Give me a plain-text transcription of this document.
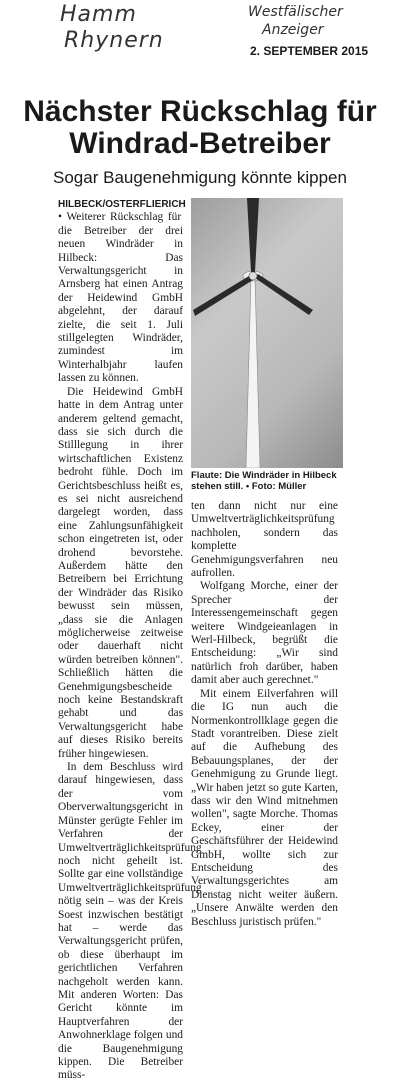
Hamm
Rhynern
Westfälischer
Anzeiger
2. SEPTEMBER 2015
Nächster Rückschlag für Windrad-Betreiber
Sogar Baugenehmigung könnte kippen

HILBECK/OSTERFLIERICH • Weiterer Rückschlag für die Betreiber der drei neuen Windräder in Hilbeck: Das Verwaltungsgericht in Arnsberg hat einen Antrag der Heidewind GmbH abgelehnt, der darauf zielte, die seit 1. Juli stillgelegten Windräder, zumindest im Winterhalbjahr laufen lassen zu können.

Die Heidewind GmbH hatte in dem Antrag unter anderem geltend gemacht, dass sie sich durch die Stilllegung in ihrer wirtschaftlichen Existenz bedroht fühle. Doch im Gerichtsbeschluss heißt es, es sei nicht ausreichend dargelegt worden, dass eine Zahlungsunfähigkeit schon eingetreten ist, oder drohend bevorstehe. Außerdem hätte den Betreibern bei Errichtung der Windräder das Risiko bewusst sein müssen, „dass sie die Anlagen möglicherweise zeitweise oder dauerhaft nicht würden betreiben können". Schließlich hätten die Genehmigungsbescheide noch keine Bestandskraft gehabt und das Verwaltungsgericht habe auf dieses Risiko bereits früher hingewiesen.

In dem Beschluss wird darauf hingewiesen, dass der vom Oberverwaltungsgericht in Münster gerügte Fehler im Verfahren der Umweltverträglichkeitsprüfung noch nicht geheilt ist. Sollte gar eine vollständige Umweltverträglichkeitsprüfung nötig sein – was der Kreis Soest inzwischen bestätigt hat – werde das Verwaltungsgericht prüfen, ob diese überhaupt im gerichtlichen Verfahren nachgeholt werden kann. Mit anderen Worten: Das Gericht könnte im Hauptverfahren der Anwohnerklage folgen und die Baugenehmigung kippen. Die Betreiber müss-

Flaute: Die Windräder in Hilbeck stehen still. • Foto: Müller

ten dann nicht nur eine Umweltverträglichkeitsprüfung nachholen, sondern das komplette Genehmigungsverfahren neu aufrollen.

Wolfgang Morche, einer der Sprecher der Interessengemeinschaft gegen weitere Windgeieanlagen in Werl-Hilbeck, begrüßt die Entscheidung: „Wir sind natürlich froh darüber, haben damit aber auch gerechnet."

Mit einem Eilverfahren will die IG nun auch die Normenkontrollklage gegen die Stadt vorantreiben. Diese zielt auf die Aufhebung des Bebauungsplanes, der der Genehmigung zu Grunde liegt. „Wir haben jetzt so gute Karten, dass wir den Wind mitnehmen wollen", sagte Morche. Thomas Eckey, einer der Geschäftsführer der Heidewind GmbH, wollte sich zur Entscheidung des Verwaltungsgerichtes am Dienstag nicht weiter äußern. „Unsere Anwälte werden den Beschluss juristisch prüfen."
